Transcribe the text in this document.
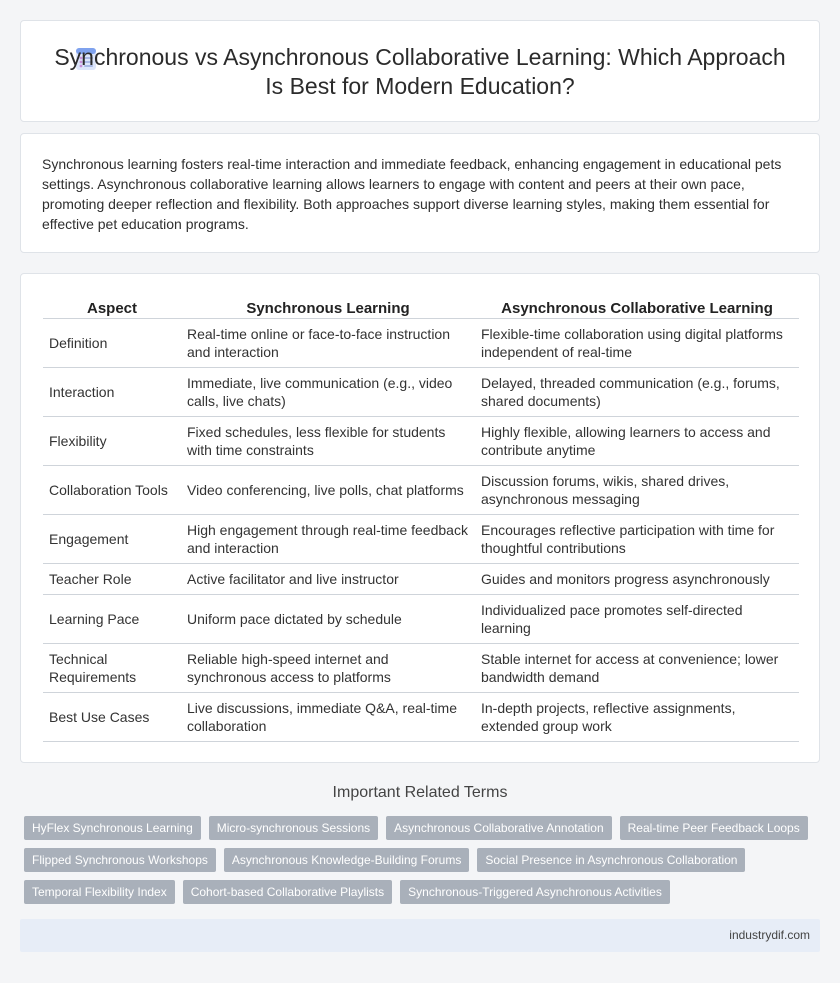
Synchronous vs Asynchronous Collaborative Learning: Which Approach Is Best for Modern Education?

Synchronous learning fosters real-time interaction and immediate feedback, enhancing engagement in educational pets settings. Asynchronous collaborative learning allows learners to engage with content and peers at their own pace, promoting deeper reflection and flexibility. Both approaches support diverse learning styles, making them essential for effective pet education programs.

Aspect	Synchronous Learning	Asynchronous Collaborative Learning
Definition	Real-time online or face-to-face instruction and interaction	Flexible-time collaboration using digital platforms independent of real-time
Interaction	Immediate, live communication (e.g., video calls, live chats)	Delayed, threaded communication (e.g., forums, shared documents)
Flexibility	Fixed schedules, less flexible for students with time constraints	Highly flexible, allowing learners to access and contribute anytime
Collaboration Tools	Video conferencing, live polls, chat platforms	Discussion forums, wikis, shared drives, asynchronous messaging
Engagement	High engagement through real-time feedback and interaction	Encourages reflective participation with time for thoughtful contributions
Teacher Role	Active facilitator and live instructor	Guides and monitors progress asynchronously
Learning Pace	Uniform pace dictated by schedule	Individualized pace promotes self-directed learning
Technical Requirements	Reliable high-speed internet and synchronous access to platforms	Stable internet for access at convenience; lower bandwidth demand
Best Use Cases	Live discussions, immediate Q&A, real-time collaboration	In-depth projects, reflective assignments, extended group work
Important Related Terms
HyFlex Synchronous Learning	Micro-synchronous Sessions	Asynchronous Collaborative Annotation	Real-time Peer Feedback Loops
Flipped Synchronous Workshops	Asynchronous Knowledge-Building Forums	Social Presence in Asynchronous Collaboration
Temporal Flexibility Index	Cohort-based Collaborative Playlists	Synchronous-Triggered Asynchronous Activities
industrydif.com
